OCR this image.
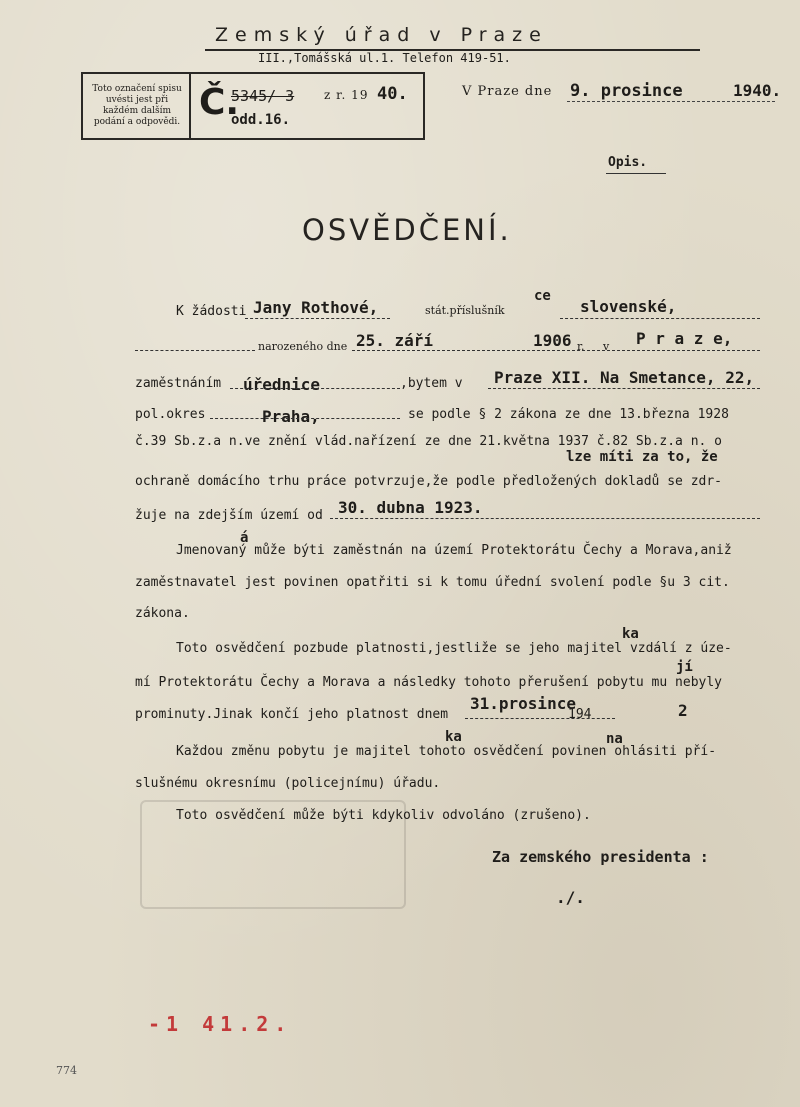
Zemský úřad v Praze
III.,Tomášská ul.1. Telefon 419-51.
Toto označení spisu uvésti jest při každém dalším podání a odpovědi. Č.
5345/ 3 z r. 19 40.
odd.16.
V Praze dne 9. prosince	1940.
Opis.
OSVĚDČENÍ.
K žádosti Jany Rothové,	stát.příslušník
ce
slovenské,
narozeného dne 25. září	1906 r. v P r a z e,
zaměstnáním úřednice	,bytem v Praze XII. Na Smetance, 22,
pol.okres	Praha,	se podle § 2 zákona ze dne 13.března 1928
č.39 Sb.z.a n.ve znění vlád.nařízení ze dne 21.května 1937 č.82 Sb.z.a n. o
lze míti za to, že
ochraně domácího trhu práce potvrzuje,že podle předložených dokladů se zdr-
žuje na zdejším území od 30. dubna 1923.
á
Jmenovaný může býti zaměstnán na území Protektorátu Čechy a Morava,aniž
zaměstnavatel jest povinen opatřiti si k tomu úřední svolení podle §u 3 cit.
zákona.
ka
Toto osvědčení pozbude platnosti,jestliže se jeho majitel vzdálí z úze-
jí
mí Protektorátu Čechy a Morava a následky tohoto přerušení pobytu mu nebyly
prominuty.Jinak končí jeho platnost dnem
31.prosince
194	2
ka	na
Každou změnu pobytu je majitel tohoto osvědčení povinen ohlásiti pří-
slušnému okresnímu (policejnímu) úřadu.
Toto osvědčení může býti kdykoliv odvoláno (zrušeno).
Za zemského presidenta :
./.
-1 41.2.
774
